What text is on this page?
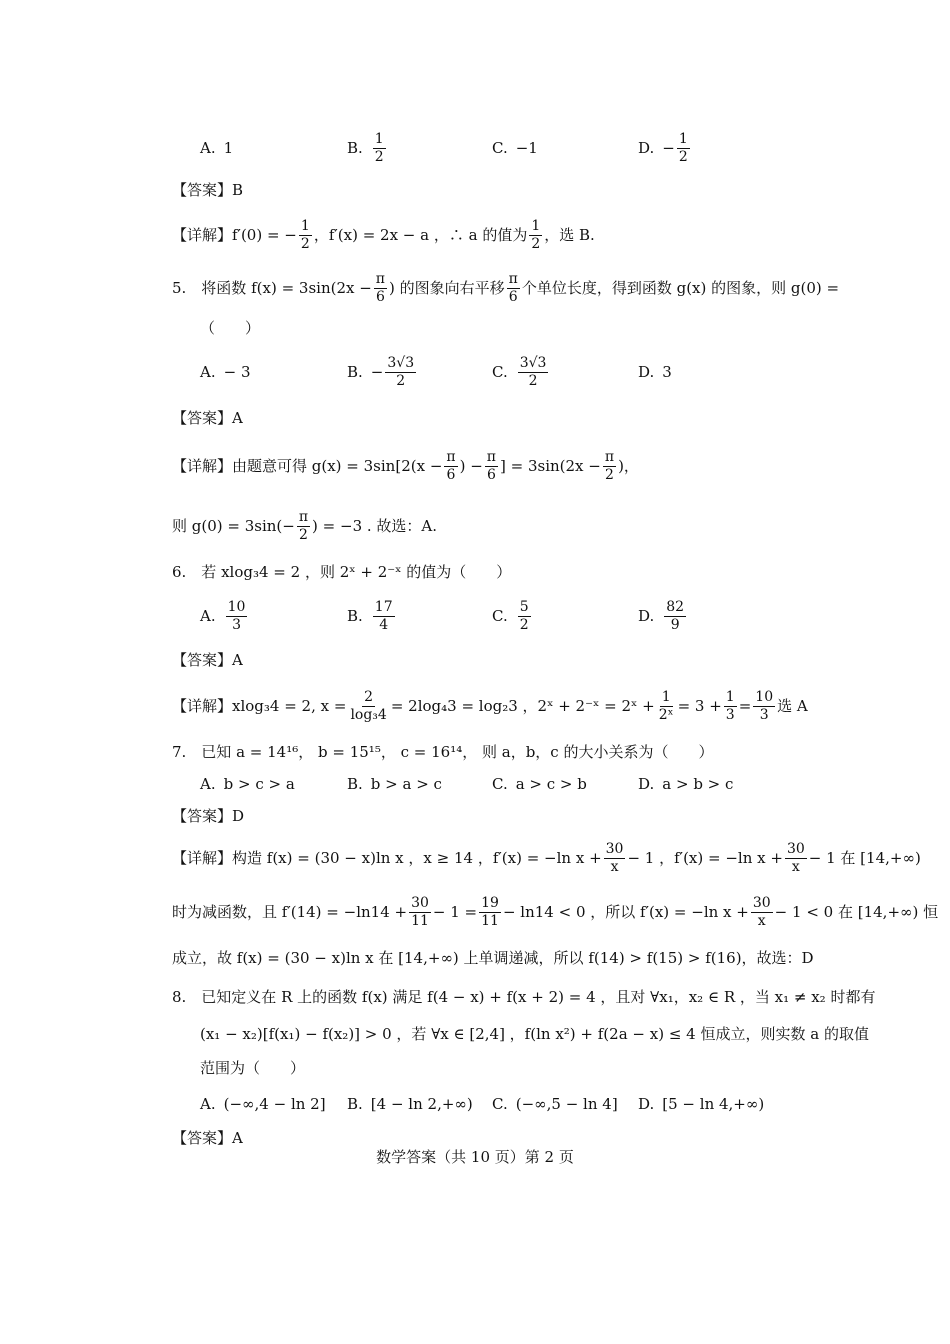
A. 1	B. $\frac{1}{2}$	C. −1	D. − $\frac{1}{2}$
【答案】B
【详解】f′(0) = − $\frac{1}{2}$ ，f′(x) = 2x − a ，∴ a 的值为 $\frac{1}{2}$ ，选 B.
5.　将函数 $f(x) = 3\sin(2x - \frac{\pi}{6}$ ) 的图象向右平移 $\frac{\pi}{6}$ 个单位长度，得到函数 g(x) 的图象，则 g(0) =
（　　）
A. − 3	B. − $\frac{3√3}{2}$	C. $\frac{3√3}{2}$	D. 3
【答案】A
【详解】由题意可得 $g(x) = 3\sin[2(x - \frac{\pi}{6}$ ) − $\frac{\pi}{6}$ ] = $3\sin(2x - \frac{\pi}{2}$ )，
则 $g(0) = 3\sin(- \frac{\pi}{2}$ ) = −3 . 故选：A.
6.　若 xlog₃4 = 2 ，则 2ˣ + 2⁻ˣ 的值为（　　）
A. $\frac{10}{3}$	B. $\frac{17}{4}$	C. $\frac{5}{2}$	D. $\frac{82}{9}$
【答案】A
【详解】xlog₃4 = 2, $x = \frac{2}{\text{log₃4}} = 2\log_43 = \log_23$ ，2ˣ + 2⁻ˣ = 2ˣ + $\frac{1}{\text{2ˣ}} = 3 + \frac{1}{3} = \frac{10}{3}$ 选 A
7.　已知 a = 14¹⁶， b = 15¹⁵， c = 16¹⁴， 则 a，b，c 的大小关系为（　　）
A. b > c > a	B. b > a > c	C. a > c > b	D. a > b > c
【答案】D
【详解】构造 f(x) = (30 − x)ln x ，x ≥ 14 ，f′(x) = −ln $x + \frac{30}{x} - 1$ ，f′(x) = −ln $x + \frac{30}{x} - 1$ 在 [14,+∞)
时为减函数，且 $f'(14) = -\ln 14 + \frac{30}{11} - 1 = \frac{19}{11} - \ln 14 < 0$ ，所以 f′(x) = −ln $x + \frac{30}{x} - 1 < 0$ 在 [14,+∞) 恒
成立，故 f(x) = (30 − x)ln x 在 [14,+∞) 上单调递减，所以 f(14) > f(15) > f(16)，故选：D
8.　已知定义在 R 上的函数 f(x) 满足 f(4 − x) + f(x + 2) = 4 ，且对 ∀x₁，x₂ ∈ R ，当 x₁ ≠ x₂ 时都有
(x₁ − x₂)[f(x₁) − f(x₂)] > 0 ，若 ∀x ∈ [2,4] ，f(ln x²) + f(2a − x) ≤ 4 恒成立，则实数 a 的取值
范围为（　　）
A. (−∞,4 − ln 2] B. [4 − ln 2,+∞) C. (−∞,5 − ln 4] D. [5 − ln 4,+∞)
【答案】A
数学答案（共 10 页）第 2 页
